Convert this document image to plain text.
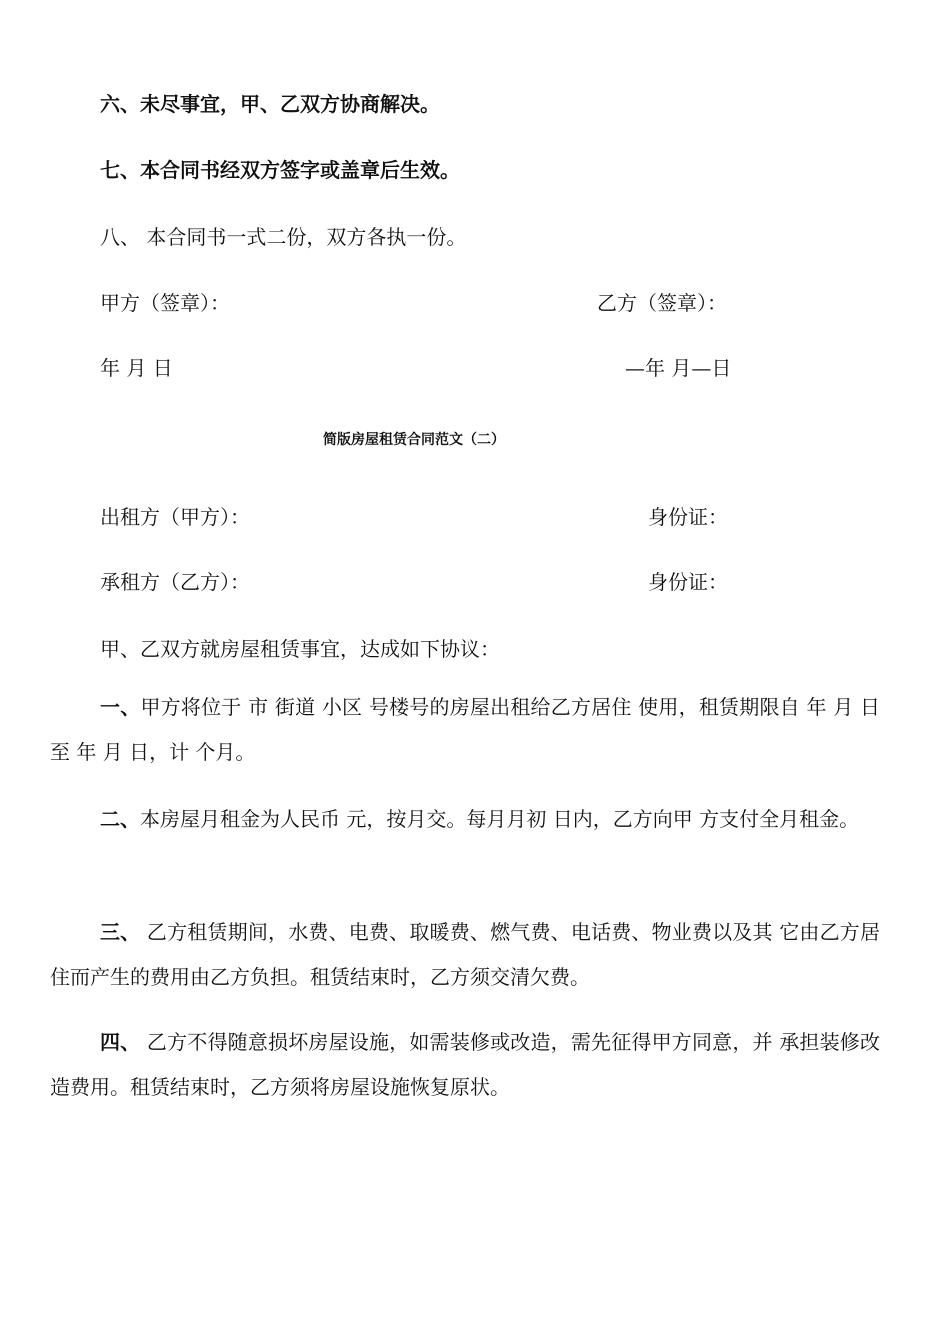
六、未尽事宜，甲、乙双方协商解决。
七、本合同书经双方签字或盖章后生效。
八、 本合同书一式二份，双方各执一份。
甲方（签章）：	乙方（签章）：
年 月 日	—年 月—日
简版房屋租赁合同范文（二）
出租方（甲方）：	身份证：
承租方（乙方）：	身份证：
甲、乙双方就房屋租赁事宜，达成如下协议：
一、甲方将位于 市 街道 小区 号楼号的房屋出租给乙方居住 使用，租赁期限自 年 月 日至 年 月 日，计 个月。
二、本房屋月租金为人民币 元，按月交。每月月初 日内，乙方向甲 方支付全月租金。
三、 乙方租赁期间，水费、电费、取暖费、燃气费、电话费、物业费以及其 它由乙方居住而产生的费用由乙方负担。租赁结束时，乙方须交清欠费。
四、 乙方不得随意损坏房屋设施，如需装修或改造，需先征得甲方同意，并 承担装修改造费用。租赁结束时，乙方须将房屋设施恢复原状。
